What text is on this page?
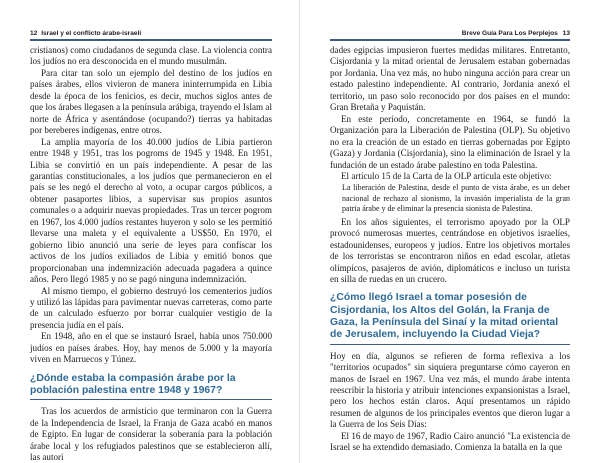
12 Israel y el conflicto árabe-israelí

cristianos) como ciudadanos de segunda clase. La violencia contra los judíos no era desconocida en el mundo musulmán.

Para citar tan solo un ejemplo del destino de los judíos en países árabes, ellos vivieron de manera ininterrumpida en Libia desde la época de los fenicios, es decir, muchos siglos antes de que los árabes llegasen a la península arábiga, trayendo el Islam al norte de África y asentándose (ocupando?) tierras ya habitadas por bereberes indígenas, entre otros.

La amplia mayoría de los 40.000 judíos de Libia partieron entre 1948 y 1951, tras los pogroms de 1945 y 1948. En 1951, Libia se convirtió en un país independiente. A pesar de las garantías constitucionales, a los judíos que permanecieron en el país se les negó el derecho al voto, a ocupar cargos públicos, a obtener pasaportes libios, a supervisar sus propios asuntos comunales o a adquirir nuevas propiedades. Tras un tercer pogrom en 1967, los 4.000 judíos restantes huyeron y solo se les permitió llevarse una maleta y el equivalente a US$50. En 1970, el gobierno libio anunció una serie de leyes para confiscar los activos de los judíos exiliados de Libia y emitió bonos que proporcionaban una indemnización adecuada pagadera a quince años. Pero llegó 1985 y no se pagó ninguna indemnización.

Al mismo tiempo, el gobierno destruyó los cementerios judíos y utilizó las lápidas para pavimentar nuevas carreteras, como parte de un calculado esfuerzo por borrar cualquier vestigio de la presencia judía en el país.

En 1948, año en el que se instauró Israel, había unos 750.000 judíos en países árabes. Hoy, hay menos de 5.000 y la mayoría viven en Marruecos y Túnez.

¿Dónde estaba la compasión árabe por la población palestina entre 1948 y 1967?

Tras los acuerdos de armisticio que terminaron con la Guerra de la Independencia de Israel, la Franja de Gaza acabó en manos de Egipto. En lugar de considerar la soberanía para la población árabe local y los refugiados palestinos que se establecieron allí, las autori

Breve Guía Para Los Perplejos 13

dades egipcias impusieron fuertes medidas militares. Entretanto, Cisjordania y la mitad oriental de Jerusalem estaban gobernadas por Jordania. Una vez más, no hubo ninguna acción para crear un estado palestino independiente. Al contrario, Jordania anexó el territorio, un paso solo reconocido por dos países en el mundo: Gran Bretaña y Paquistán.

En este período, concretamente en 1964, se fundó la Organización para la Liberación de Palestina (OLP). Su objetivo no era la creación de un estado en tierras gobernadas por Egipto (Gaza) y Jordania (Cisjordania), sino la eliminación de Israel y la fundación de un estado árabe palestino en toda Palestina.

El artículo 15 de la Carta de la OLP articula este objetivo:

La liberación de Palestina, desde el punto de vista árabe, es un deber nacional de rechazo al sionismo, la invasión imperialista de la gran patria árabe y de eliminar la presencia sionista de Palestina.

En los años siguientes, el terrorismo apoyado por la OLP provocó numerosas muertes, centrándose en objetivos israelíes, estadounidenses, europeos y judíos. Entre los objetivos mortales de los terroristas se encontraron niños en edad escolar, atletas olímpicos, pasajeros de avión, diplomáticos e incluso un turista en silla de ruedas en un crucero.

¿Cómo llegó Israel a tomar posesión de Cisjordania, los Altos del Golán, la Franja de Gaza, la Península del Sinaí y la mitad oriental de Jerusalem, incluyendo la Ciudad Vieja?

Hoy en día, algunos se refieren de forma reflexiva a los "territorios ocupados" sin siquiera preguntarse cómo cayeron en manos de Israel en 1967. Una vez más, el mundo árabe intenta reescribir la historia y atribuir intenciones expansionistas a Israel, pero los hechos están claros. Aquí presentamos un rápido resumen de algunos de los principales eventos que dieron lugar a la Guerra de los Seis Días:

El 16 de mayo de 1967, Radio Cairo anunció "La existencia de Israel se ha extendido demasiado. Comienza la batalla en la que
